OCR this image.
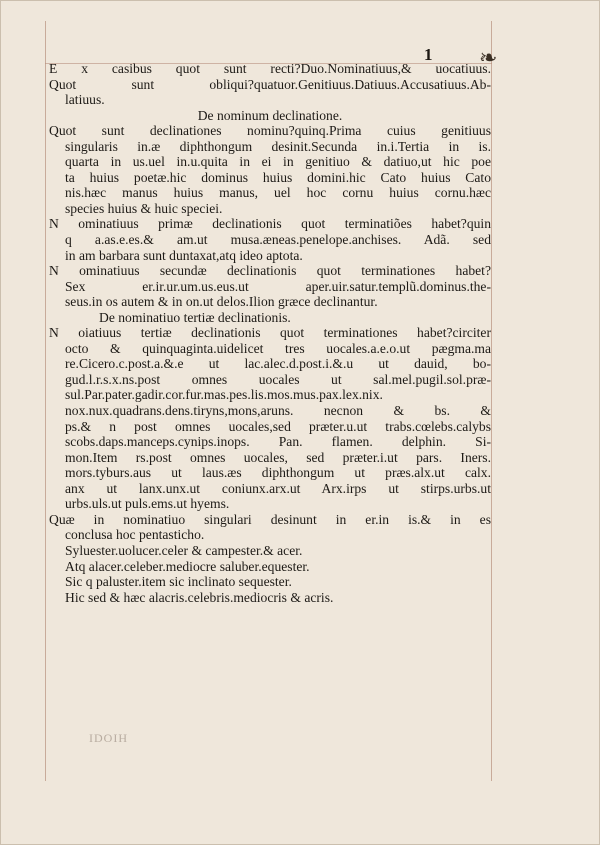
1 ❧
E x casibus quot sunt recti?Duo.Nominatiuus,& uocatiuus.
Quot sunt obliqui?quatuor.Genitiuus.Datiuus.Accusatiuus.Ab-
latiuus.
De nominum declinatione.
Quot sunt declinationes nominu?quinq.Prima cuius genitiuus
singularis in.æ diphthongum desinit.Secunda in.i.Tertia in is.
quarta in us.uel in.u.quita in ei in genitiuo & datiuo,ut hic poe
ta huius poetæ.hic dominus huius domini.hic Cato huius Cato
nis.hæc manus huius manus, uel hoc cornu huius cornu.hæc
species huius & huic speciei.
N ominatiuus primæ declinationis quot terminatiões habet?quin
q a.as.e.es.& am.ut musa.æneas.penelope.anchises. Adã. sed
in am barbara sunt duntaxat,atq ideo aptota.
N ominatiuus secundæ declinationis quot terminationes habet?
Sex er.ir.ur.um.us.eus.ut aper.uir.satur.templũ.dominus.the-
seus.in os autem & in on.ut delos.Ilion græce declinantur.
De nominatiuo tertiæ declinationis.
N oiatiuus tertiæ declinationis quot terminationes habet?circiter
octo & quinquaginta.uidelicet tres uocales.a.e.o.ut pægma.ma
re.Cicero.c.post.a.&.e ut lac.alec.d.post.i.&.u ut dauid, bo-
gud.l.r.s.x.ns.post omnes uocales ut sal.mel.pugil.sol.præ-
sul.Par.pater.gadir.cor.fur.mas.pes.lis.mos.mus.pax.lex.nix.
nox.nux.quadrans.dens.tiryns,mons,aruns. necnon & bs. &
ps.& n post omnes uocales,sed præter.u.ut trabs.cœlebs.calybs
scobs.daps.manceps.cynips.inops. Pan. flamen. delphin. Si-
mon.Item rs.post omnes uocales, sed præter.i.ut pars. Iners.
mors.tyburs.aus ut laus.æs diphthongum ut præs.alx.ut calx.
anx ut lanx.unx.ut coniunx.arx.ut Arx.irps ut stirps.urbs.ut
urbs.uls.ut puls.ems.ut hyems.
Quæ in nominatiuo singulari desinunt in er.in is.& in es
conclusa hoc pentasticho.
Syluester.uolucer.celer & campester.& acer.
Atq alacer.celeber.mediocre saluber.equester.
Sic q paluster.item sic inclinato sequester.
Hic sed & hæc alacris.celebris.mediocris & acris.
IDOIH
